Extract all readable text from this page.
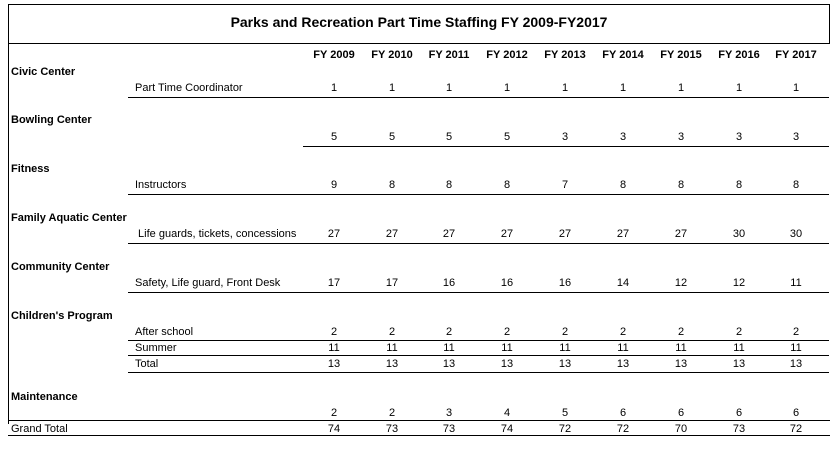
Parks and Recreation Part Time Staffing FY 2009-FY2017
FY 2009	FY 2010	FY 2011	FY 2012	FY 2013	FY 2014	FY 2015	FY 2016	FY 2017
Civic Center
Part Time Coordinator	1	1	1	1	1	1	1	1	1
Bowling Center
5	5	5	5	3	3	3	3	3
Fitness
Instructors	9	8	8	8	7	8	8	8	8
Family Aquatic Center
Life guards, tickets, concessions	27	27	27	27	27	27	27	30	30
Community Center
Safety, Life guard, Front Desk	17	17	16	16	16	14	12	12	11
Children's Program
After school	2	2	2	2	2	2	2	2	2
Summer	11	11	11	11	11	11	11	11	11
Total	13	13	13	13	13	13	13	13	13
Maintenance
2	2	3	4	5	6	6	6	6
Grand Total	74	73	73	74	72	72	70	73	72
